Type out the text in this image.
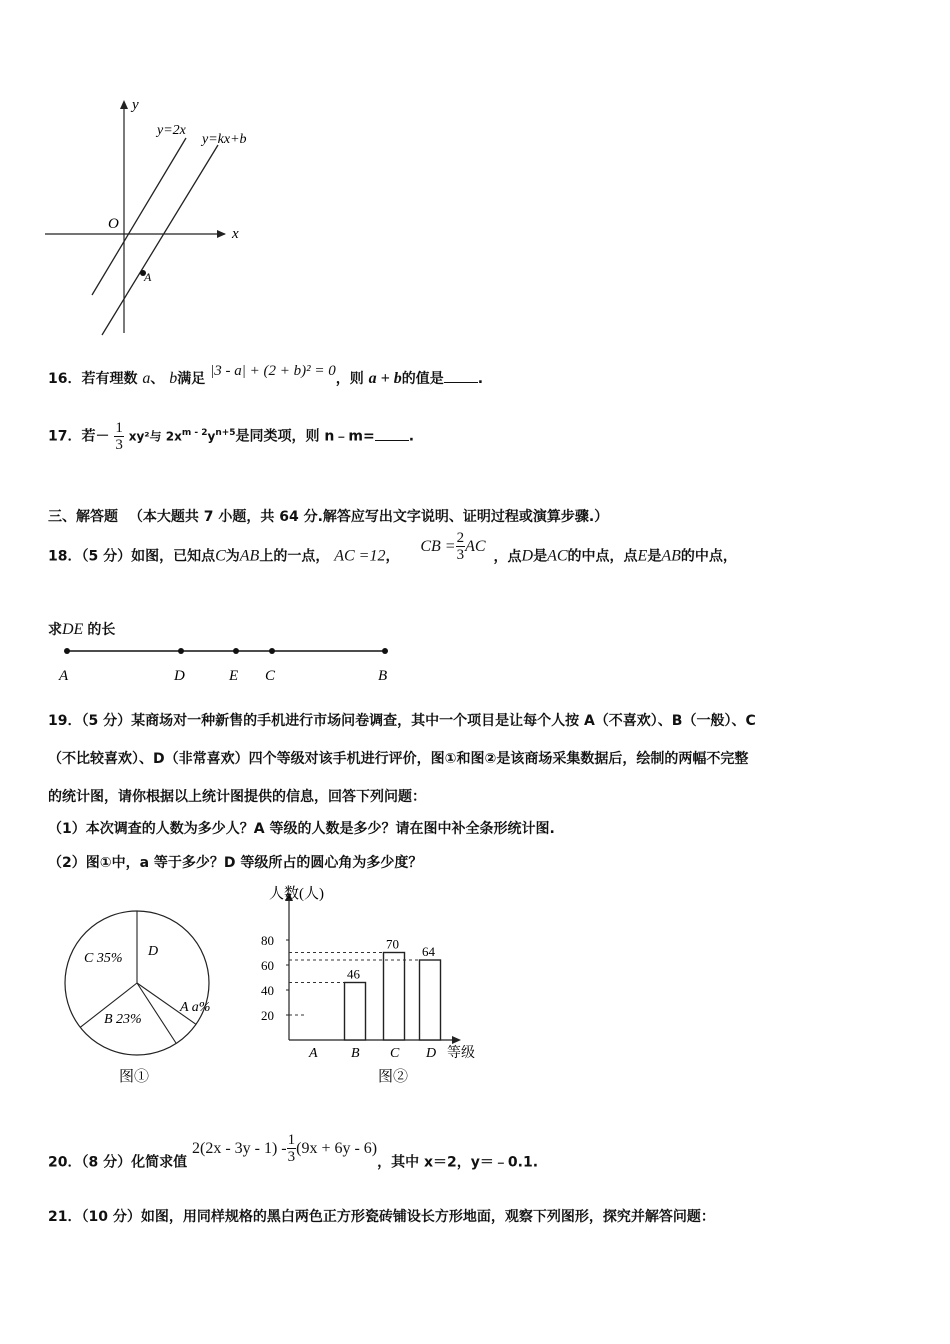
x
y
O
y=2x
y=kx+b
A
16．若有理数 a、 b满足 |3 - a| + (2 + b)² = 0，则 a + b的值是 .
17．若－ $\frac{1}{3} xy^2$与 $2x^{m - 2}y^{n+5}$是同类项，则 n﹣m= .
三、解答题 （本大题共 7 小题，共 64 分.解答应写出文字说明、证明过程或演算步骤.）
18．（5 分）如图，已知点C为AB上的一点， AC =12， CB = $\frac{2}{3}$ AC，点D是AC的中点，点E是AB的中点，
求DE 的长
A	D	E C	B
19．（5 分）某商场对一种新售的手机进行市场问卷调查，其中一个项目是让每个人按 A（不喜欢）、B（一般）、C
（不比较喜欢）、D（非常喜欢）四个等级对该手机进行评价，图①和图②是该商场采集数据后，绘制的两幅不完整
的统计图，请你根据以上统计图提供的信息，回答下列问题：
（1）本次调查的人数为多少人？A 等级的人数是多少？请在图中补全条形统计图.
（2）图①中，a 等于多少？D 等级所占的圆心角为多少度？
C 35% D
A a%
B 23%
图①
人数(人)
等级
20
40
60
80
A B
46
C
70
D
64
图②
20．（8 分）化简求值 $2(2x - 3y - 1) - \frac{1}{3} (9x + 6y - 6)$，其中 x＝2，y＝﹣0.1.
21．（10 分）如图，用同样规格的黑白两色正方形瓷砖铺设长方形地面，观察下列图形，探究并解答问题：
